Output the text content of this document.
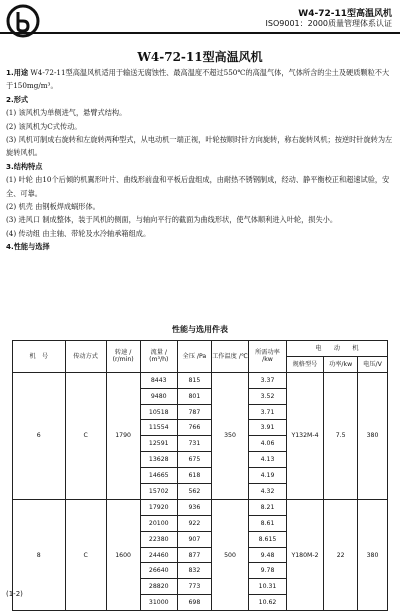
W4-72-11型高温风机
ISO9001：2000质量管理体系认证
W4-72-11型高温风机

1.用途 W4-72-11型高温风机适用于输送无腐蚀性、最高温度不超过550℃的高温气体，气体所含的尘土及硬质颗粒不大于150mg/m³。

2.形式

(1) 该风机为单侧进气，悬臂式结构。

(2) 该风机为C式传动。

(3) 风机可制成右旋转和左旋转两种型式，从电动机一端正视，叶轮按顺时针方向旋转，称右旋转风机；按逆时针旋转为左旋转风机。

3.结构特点

(1) 叶轮 由10个后倾的机翼形叶片、曲线形前盘和平板后盘组成，由耐热不锈钢制成，经动、静平衡校正和超速试验，安全、可靠。

(2) 机壳 由钢板焊成蜗形体。

(3) 进风口 制成整体，装于风机的侧面，与轴向平行的截面为曲线形状，使气体顺利进入叶轮，损失小。

(4) 传动组 由主轴、带轮及水冷轴承箱组成。

4.性能与选择

性能与选用件表
机　号	传动方式	转速 / (r/min)	流量 / (m³/h)	全压 /Pa	工作温度 /℃	所需功率 /kw	电　　动　　机		
							规格型号	功率/kw	电压/V
6	C	1790	8443	815	350	3.37	Y132M-4	7.5	380
			9480	801		3.52			
			10518	787		3.71			
			11554	766		3.91			
			12591	731		4.06			
			13628	675		4.13			
			14665	618		4.19			
			15702	562		4.32			
8	C	1600	17920	936	500	8.21	Y180M-2	22	380
			20100	922		8.61			
			22380	907		8.615			
			24460	877		9.48			
			26640	832		9.78			
			28820	773		10.31			
			31000	698		10.62			
(1-2)
